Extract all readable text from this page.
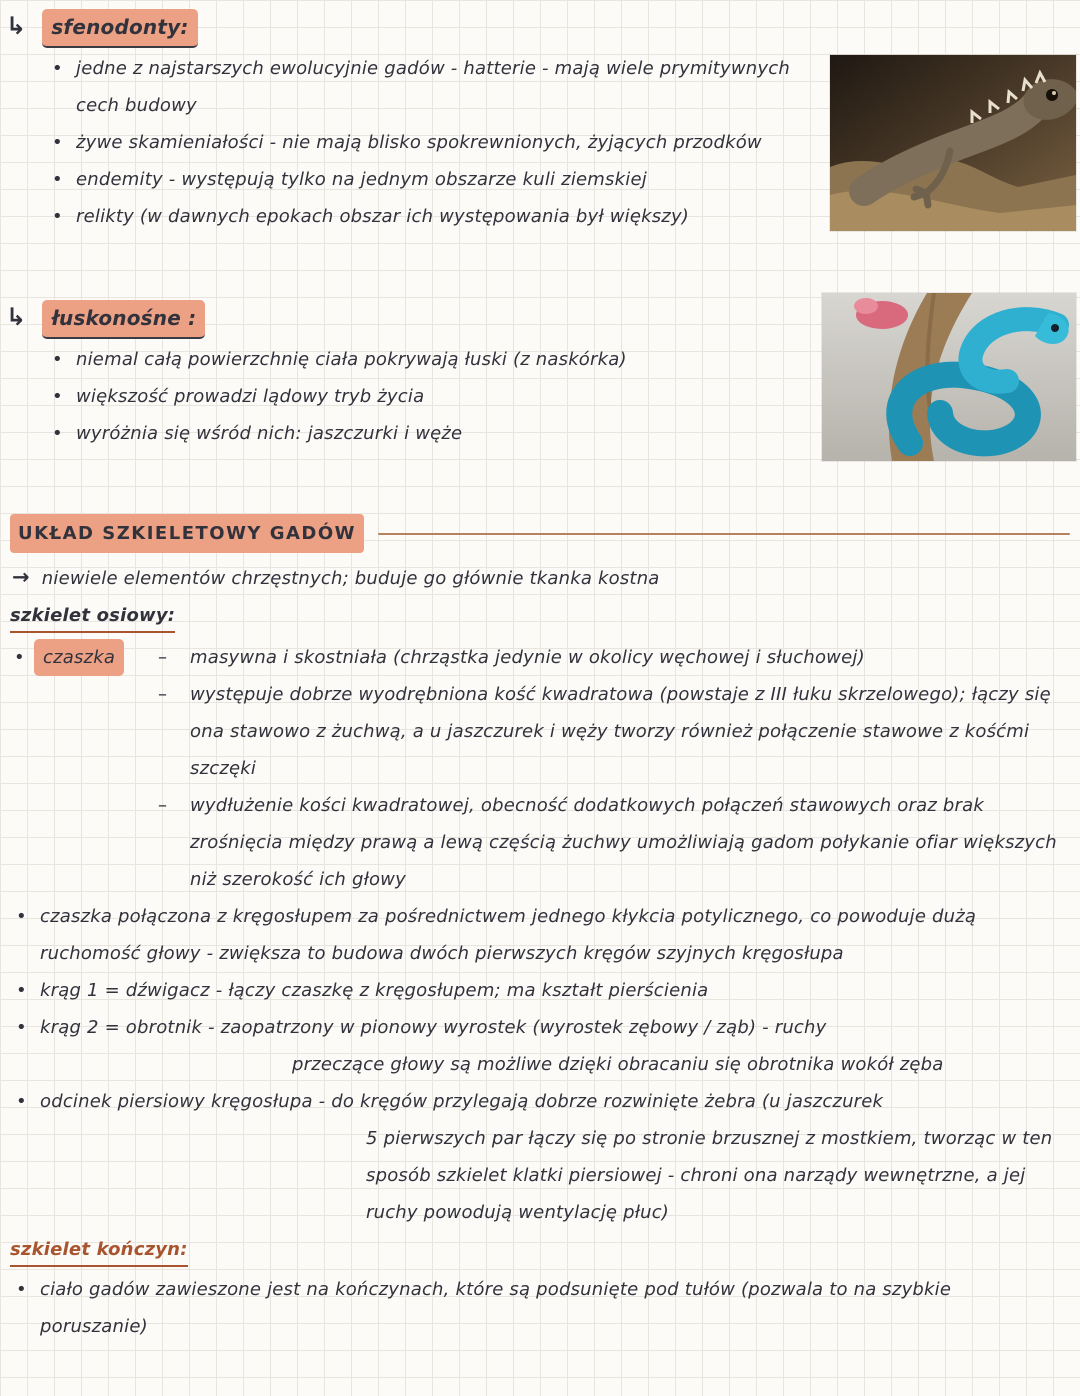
↳	sfenodonty:
• jedne z najstarszych ewolucyjnie gadów - hatterie - mają wiele prymitywnych cech budowy
• żywe skamieniałości - nie mają blisko spokrewnionych, żyjących przodków
• endemity - występują tylko na jednym obszarze kuli ziemskiej
• relikty (w dawnych epokach obszar ich występowania był większy)
↳	łuskonośne :
• niemal całą powierzchnię ciała pokrywają łuski (z naskórka)
• większość prowadzi lądowy tryb życia
• wyróżnia się wśród nich: jaszczurki i węże
UKŁAD SZKIELETOWY GADÓW
→ niewiele elementów chrzęstnych; buduje go głównie tkanka kostna
szkielet osiowy:
•	czaszka	– masywna i skostniała (chrząstka jedynie w okolicy węchowej i słuchowej)
– występuje dobrze wyodrębniona kość kwadratowa (powstaje z III łuku skrzelowego); łączy się ona stawowo z żuchwą, a u jaszczurek i węży tworzy również połączenie stawowe z kośćmi szczęki
– wydłużenie kości kwadratowej, obecność dodatkowych połączeń stawowych oraz brak zrośnięcia między prawą a lewą częścią żuchwy umożliwiają gadom połykanie ofiar większych niż szerokość ich głowy
• czaszka połączona z kręgosłupem za pośrednictwem jednego kłykcia potylicznego, co powoduje dużą ruchomość głowy - zwiększa to budowa dwóch pierwszych kręgów szyjnych kręgosłupa
• krąg 1 = dźwigacz - łączy czaszkę z kręgosłupem; ma kształt pierścienia
• krąg 2 = obrotnik - zaopatrzony w pionowy wyrostek (wyrostek zębowy / ząb) - ruchy
przeczące głowy są możliwe dzięki obracaniu się obrotnika wokół zęba
• odcinek piersiowy kręgosłupa - do kręgów przylegają dobrze rozwinięte żebra (u jaszczurek
5 pierwszych par łączy się po stronie brzusznej z mostkiem, tworząc w ten sposób szkielet klatki piersiowej - chroni ona narządy wewnętrzne, a jej ruchy powodują wentylację płuc)
szkielet kończyn:
• ciało gadów zawieszone jest na kończynach, które są podsunięte pod tułów (pozwala to na szybkie poruszanie)
